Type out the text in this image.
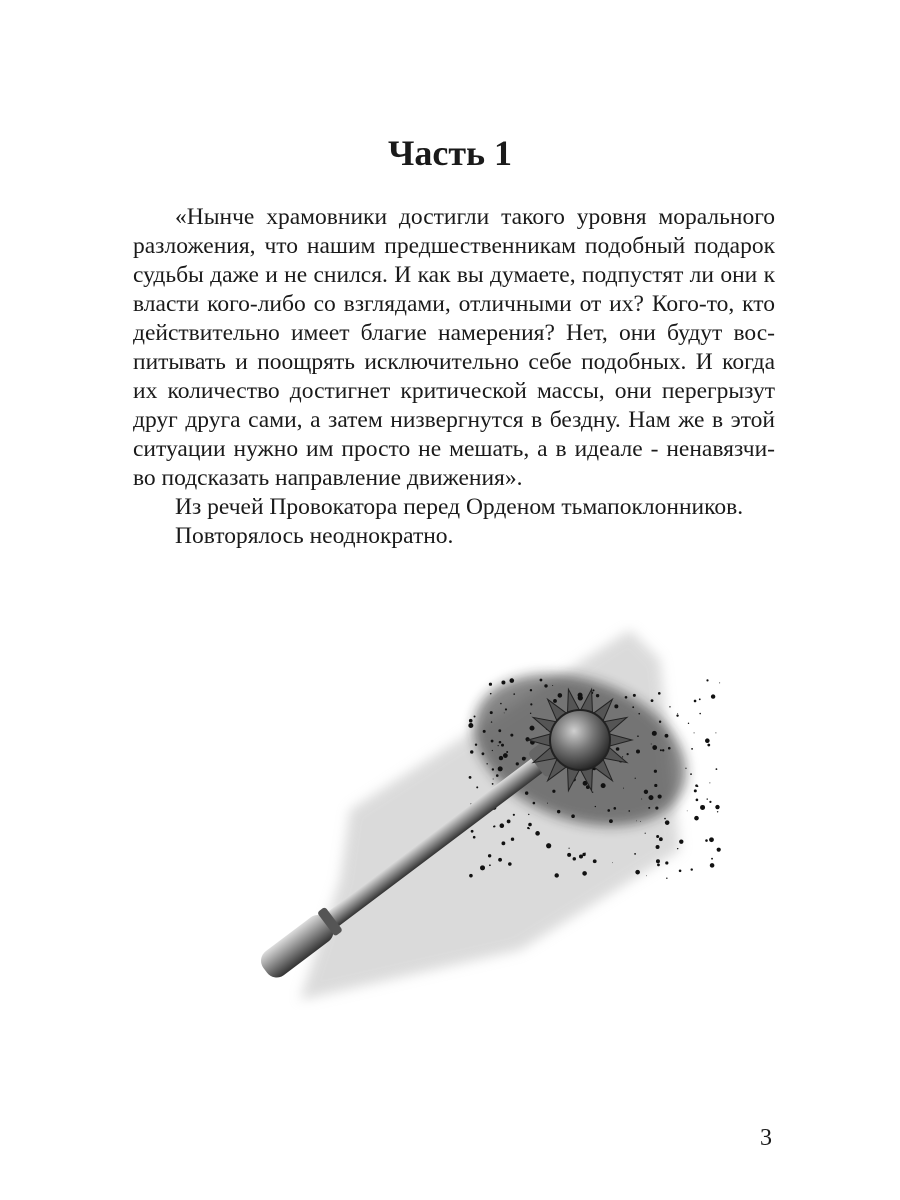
Часть 1
«Нынче храмовники достигли такого уровня морального
разложения, что нашим предшественникам подобный подарок
судьбы даже и не снился. И как вы думаете, подпустят ли они к
власти кого-либо со взглядами, отличными от их? Кого-то, кто
действительно имеет благие намерения? Нет, они будут вос-
питывать и поощрять исключительно себе подобных. И когда
их количество достигнет критической массы, они перегрызут
друг друга сами, а затем низвергнутся в бездну. Нам же в этой
ситуации нужно им просто не мешать, а в идеале - ненавязчи-
во подсказать направление движения».
Из речей Провокатора перед Орденом тьмапоклонников.
Повторялось неоднократно.
3
